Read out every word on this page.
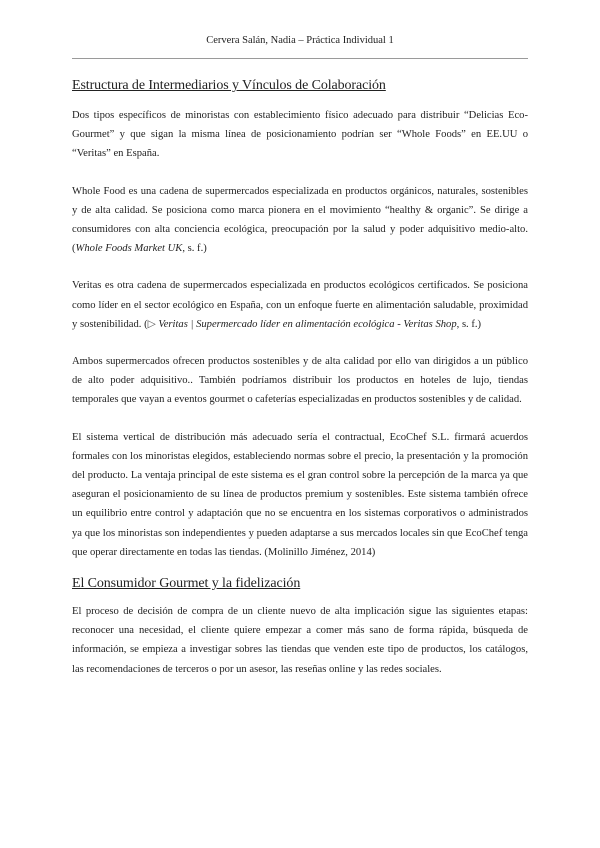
Cervera Salán, Nadia – Práctica Individual 1
Estructura de Intermediarios y Vínculos de Colaboración

Dos tipos específicos de minoristas con establecimiento físico adecuado para distribuir “Delicias Eco-Gourmet” y que sigan la misma línea de posicionamiento podrían ser “Whole Foods” en EE.UU o “Veritas” en España.

Whole Food es una cadena de supermercados especializada en productos orgánicos, naturales, sostenibles y de alta calidad. Se posiciona como marca pionera en el movimiento “healthy & organic”. Se dirige a consumidores con alta conciencia ecológica, preocupación por la salud y poder adquisitivo medio-alto. (Whole Foods Market UK, s. f.)

Veritas es otra cadena de supermercados especializada en productos ecológicos certificados. Se posiciona como líder en el sector ecológico en España, con un enfoque fuerte en alimentación saludable, proximidad y sostenibilidad. (▷ Veritas | Supermercado líder en alimentación ecológica - Veritas Shop, s. f.)

Ambos supermercados ofrecen productos sostenibles y de alta calidad por ello van dirigidos a un público de alto poder adquisitivo.. También podríamos distribuir los productos en hoteles de lujo, tiendas temporales que vayan a eventos gourmet o cafeterías especializadas en productos sostenibles y de calidad.

El sistema vertical de distribución más adecuado sería el contractual, EcoChef S.L. firmará acuerdos formales con los minoristas elegidos, estableciendo normas sobre el precio, la presentación y la promoción del producto. La ventaja principal de este sistema es el gran control sobre la percepción de la marca ya que aseguran el posicionamiento de su línea de productos premium y sostenibles. Este sistema también ofrece un equilibrio entre control y adaptación que no se encuentra en los sistemas corporativos o administrados ya que los minoristas son independientes y pueden adaptarse a sus mercados locales sin que EcoChef tenga que operar directamente en todas las tiendas. (Molinillo Jiménez, 2014)

El Consumidor Gourmet y la fidelización

El proceso de decisión de compra de un cliente nuevo de alta implicación sigue las siguientes etapas: reconocer una necesidad, el cliente quiere empezar a comer más sano de forma rápida, búsqueda de información, se empieza a investigar sobres las tiendas que venden este tipo de productos, los catálogos, las recomendaciones de terceros o por un asesor, las reseñas online y las redes sociales.
